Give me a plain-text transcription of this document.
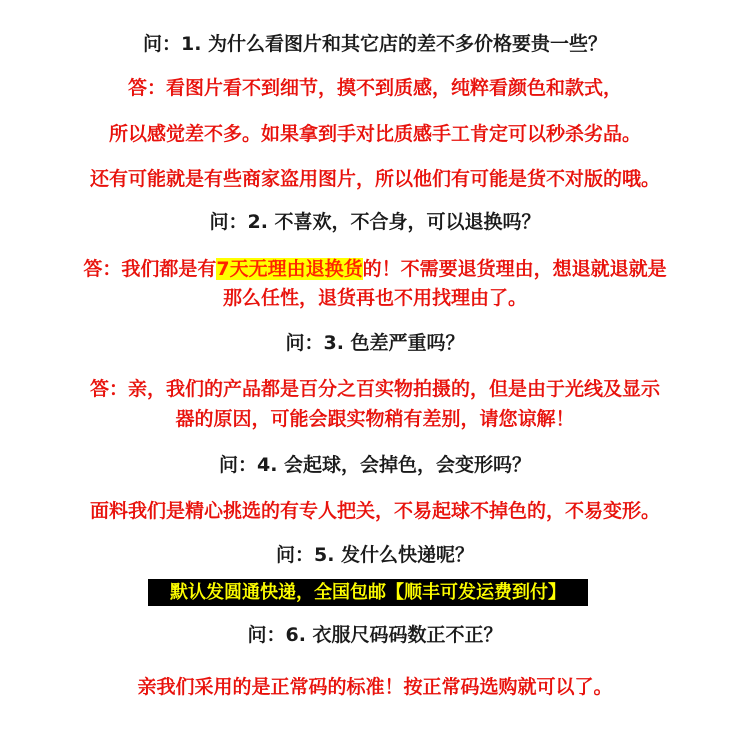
问：1. 为什么看图片和其它店的差不多价格要贵一些？
答：看图片看不到细节，摸不到质感，纯粹看颜色和款式，
所以感觉差不多。如果拿到手对比质感手工肯定可以秒杀劣品。
还有可能就是有些商家盗用图片，所以他们有可能是货不对版的哦。
问：2. 不喜欢，不合身，可以退换吗？
答：我们都是有7天无理由退换货的！不需要退货理由，想退就退就是
那么任性，退货再也不用找理由了。
问：3. 色差严重吗？
答：亲，我们的产品都是百分之百实物拍摄的，但是由于光线及显示
器的原因，可能会跟实物稍有差别，请您谅解！
问：4. 会起球，会掉色，会变形吗？
面料我们是精心挑选的有专人把关，不易起球不掉色的，不易变形。
问：5. 发什么快递呢？
默认发圆通快递，全国包邮【顺丰可发运费到付】
问：6. 衣服尺码码数正不正？
亲我们采用的是正常码的标准！按正常码选购就可以了。
